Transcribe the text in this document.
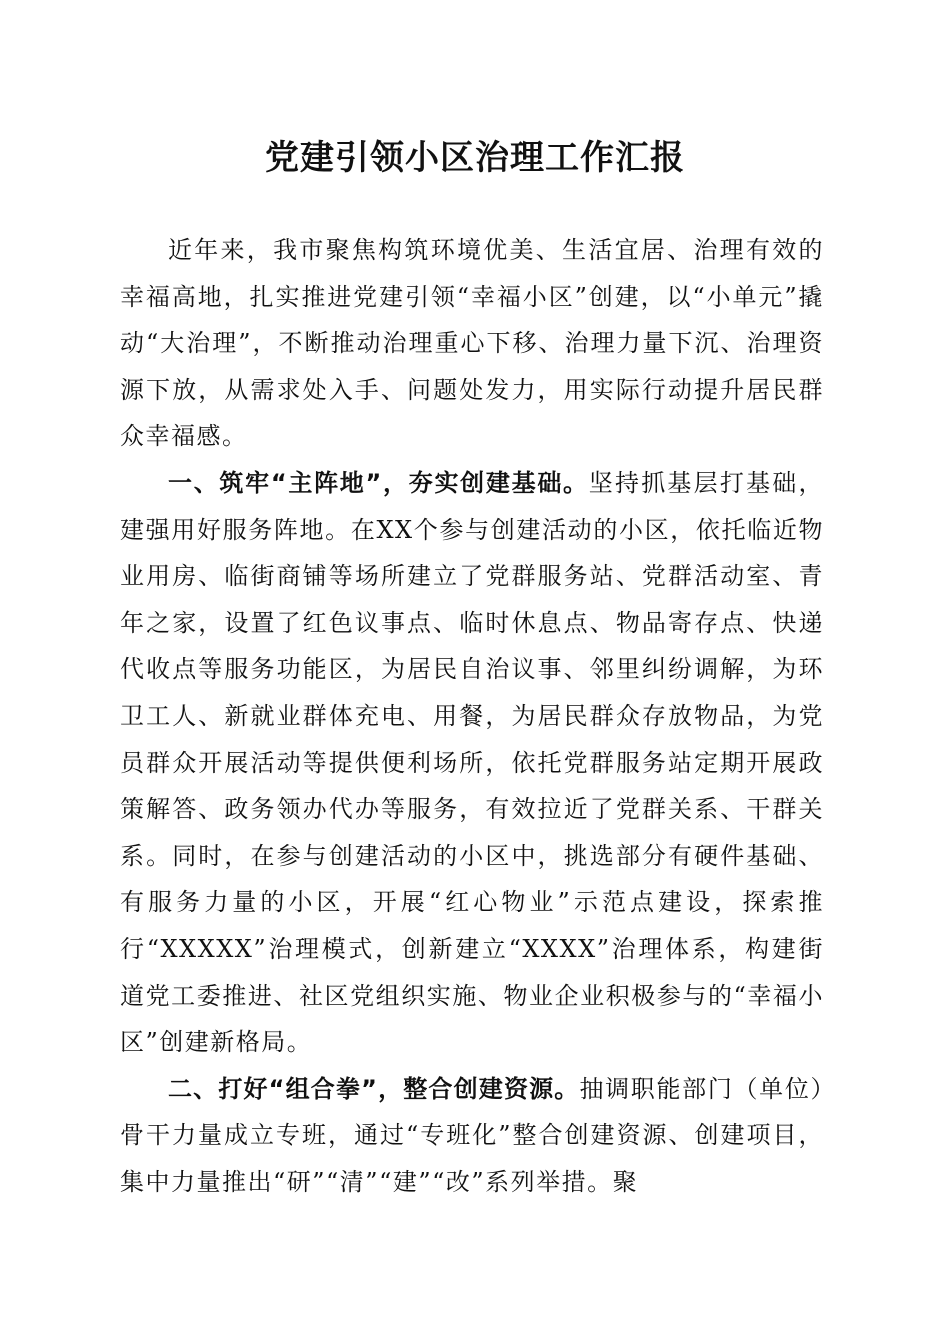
党建引领小区治理工作汇报

近年来，我市聚焦构筑环境优美、生活宜居、治理有效的幸福高地，扎实推进党建引领“幸福小区”创建，以“小单元”撬动“大治理”，不断推动治理重心下移、治理力量下沉、治理资源下放，从需求处入手、问题处发力，用实际行动提升居民群众幸福感。

一、筑牢“主阵地”，夯实创建基础。坚持抓基层打基础，建强用好服务阵地。在XX个参与创建活动的小区，依托临近物业用房、临街商铺等场所建立了党群服务站、党群活动室、青年之家，设置了红色议事点、临时休息点、物品寄存点、快递代收点等服务功能区，为居民自治议事、邻里纠纷调解，为环卫工人、新就业群体充电、用餐，为居民群众存放物品，为党员群众开展活动等提供便利场所，依托党群服务站定期开展政策解答、政务领办代办等服务，有效拉近了党群关系、干群关系。同时，在参与创建活动的小区中，挑选部分有硬件基础、有服务力量的小区，开展“红心物业”示范点建设，探索推行“XXXXX”治理模式，创新建立“XXXX”治理体系，构建街道党工委推进、社区党组织实施、物业企业积极参与的“幸福小区”创建新格局。

二、打好“组合拳”，整合创建资源。抽调职能部门（单位）骨干力量成立专班，通过“专班化”整合创建资源、创建项目，集中力量推出“研”“清”“建”“改”系列举措。聚
